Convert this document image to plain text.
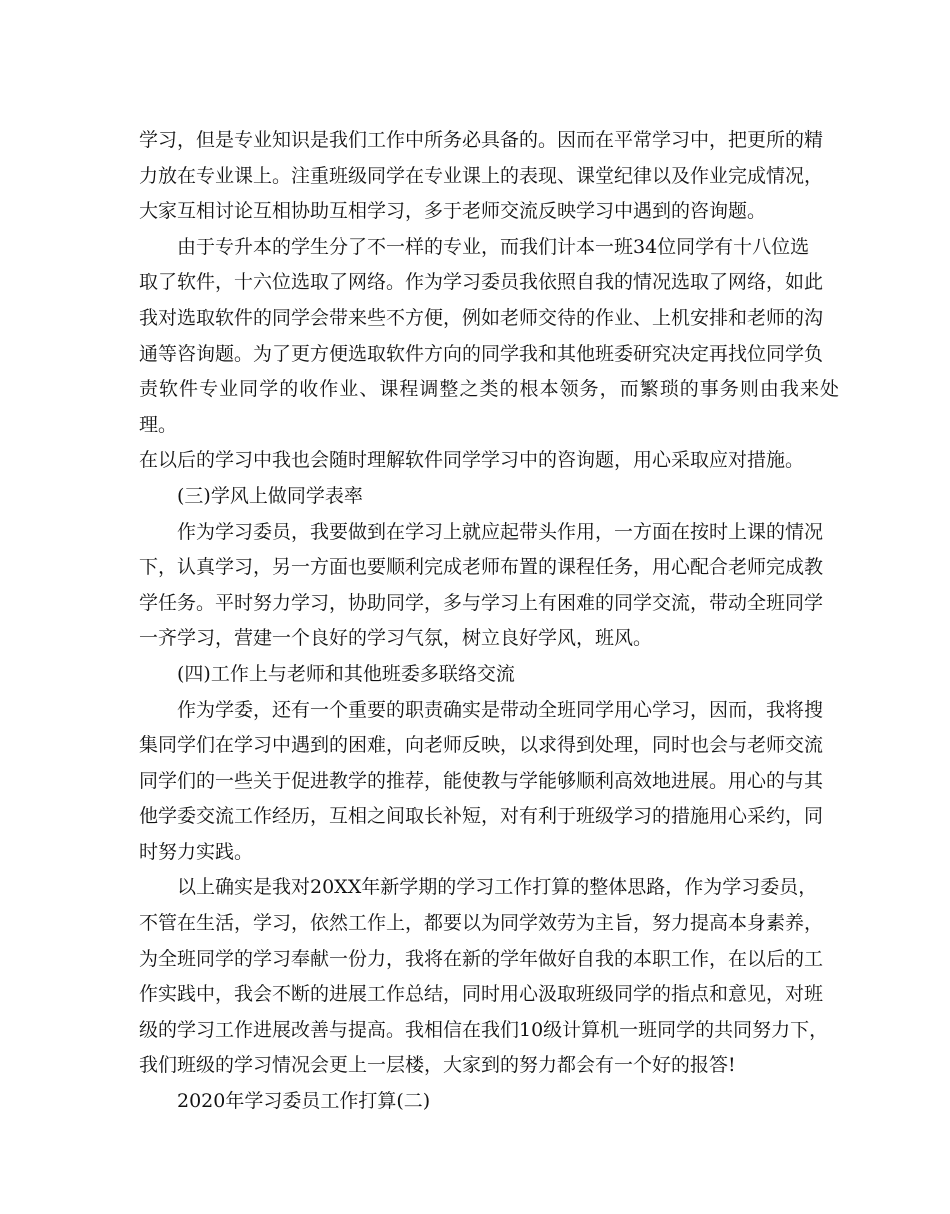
学习，但是专业知识是我们工作中所务必具备的。因而在平常学习中，把更所的精
力放在专业课上。注重班级同学在专业课上的表现、课堂纪律以及作业完成情况，
大家互相讨论互相协助互相学习，多于老师交流反映学习中遇到的咨询题。

由于专升本的学生分了不一样的专业，而我们计本一班34位同学有十八位选
取了软件，十六位选取了网络。作为学习委员我依照自我的情况选取了网络，如此
我对选取软件的同学会带来些不方便，例如老师交待的作业、上机安排和老师的沟
通等咨询题。为了更方便选取软件方向的同学我和其他班委研究决定再找位同学负
责软件专业同学的收作业、课程调整之类的根本领务，而繁琐的事务则由我来处理。
在以后的学习中我也会随时理解软件同学学习中的咨询题，用心采取应对措施。

(三)学风上做同学表率

作为学习委员，我要做到在学习上就应起带头作用，一方面在按时上课的情况
下，认真学习，另一方面也要顺利完成老师布置的课程任务，用心配合老师完成教
学任务。平时努力学习，协助同学，多与学习上有困难的同学交流，带动全班同学
一齐学习，营建一个良好的学习气氛，树立良好学风，班风。

(四)工作上与老师和其他班委多联络交流

作为学委，还有一个重要的职责确实是带动全班同学用心学习，因而，我将搜
集同学们在学习中遇到的困难，向老师反映，以求得到处理，同时也会与老师交流
同学们的一些关于促进教学的推荐，能使教与学能够顺利高效地进展。用心的与其
他学委交流工作经历，互相之间取长补短，对有利于班级学习的措施用心采约，同
时努力实践。

以上确实是我对20XX年新学期的学习工作打算的整体思路，作为学习委员，
不管在生活，学习，依然工作上，都要以为同学效劳为主旨，努力提高本身素养，
为全班同学的学习奉献一份力，我将在新的学年做好自我的本职工作，在以后的工
作实践中，我会不断的进展工作总结，同时用心汲取班级同学的指点和意见，对班
级的学习工作进展改善与提高。我相信在我们10级计算机一班同学的共同努力下，
我们班级的学习情况会更上一层楼，大家到的努力都会有一个好的报答!

2020年学习委员工作打算(二)
